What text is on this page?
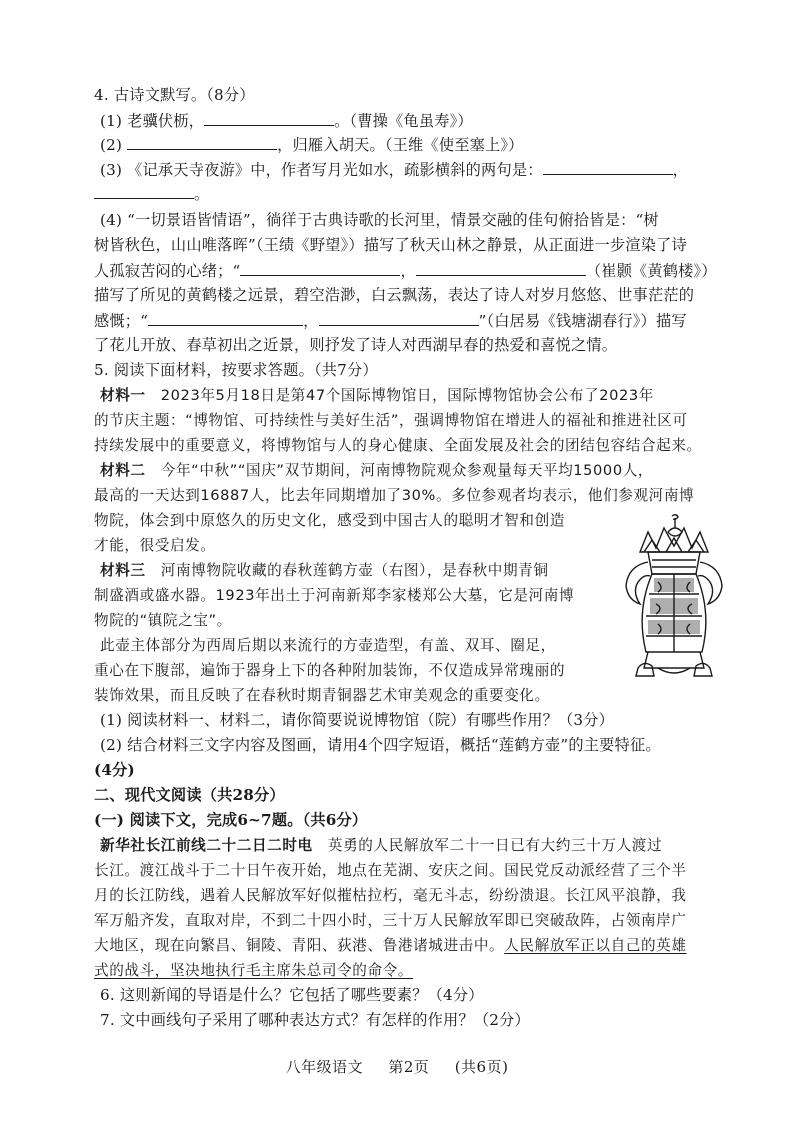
4. 古诗文默写。（8分）
(1) 老骥伏枥，	。（曹操《龟虽寿》）
(2)	，归雁入胡天。（王维《使至塞上》）
(3) 《记承天寺夜游》中，作者写月光如水，疏影横斜的两句是：	，
。
(4) “一切景语皆情语”，徜徉于古典诗歌的长河里，情景交融的佳句俯拾皆是：“树
树皆秋色，山山唯落晖”（王绩《野望》）描写了秋天山林之静景，从正面进一步渲染了诗
人孤寂苦闷的心绪；“	，	（崔颢《黄鹤楼》）
描写了所见的黄鹤楼之远景，碧空浩渺，白云飘荡，表达了诗人对岁月悠悠、世事茫茫的
感慨；“	，	”（白居易《钱塘湖春行》）描写
了花儿开放、春草初出之近景，则抒发了诗人对西湖早春的热爱和喜悦之情。
5. 阅读下面材料，按要求答题。（共7分）
材料一　2023年5月18日是第47个国际博物馆日，国际博物馆协会公布了2023年
的节庆主题：“博物馆、可持续性与美好生活”，强调博物馆在增进人的福祉和推进社区可
持续发展中的重要意义，将博物馆与人的身心健康、全面发展及社会的团结包容结合起来。
材料二　今年“中秋”“国庆”双节期间，河南博物院观众参观量每天平均15000人，
最高的一天达到16887人，比去年同期增加了30%。多位参观者均表示，他们参观河南博
物院，体会到中原悠久的历史文化，感受到中国古人的聪明才智和创造
才能，很受启发。
材料三　河南博物院收藏的春秋莲鹤方壶（右图），是春秋中期青铜
制盛酒或盛水器。1923年出土于河南新郑李家楼郑公大墓，它是河南博
物院的“镇院之宝”。
此壶主体部分为西周后期以来流行的方壶造型，有盖、双耳、圈足，
重心在下腹部，遍饰于器身上下的各种附加装饰，不仅造成异常瑰丽的
装饰效果，而且反映了在春秋时期青铜器艺术审美观念的重要变化。
(1) 阅读材料一、材料二，请你简要说说博物馆（院）有哪些作用？（3分）
(2) 结合材料三文字内容及图画，请用4个四字短语，概括“莲鹤方壶”的主要特征。
(4分)
二、现代文阅读（共28分）
(一) 阅读下文，完成6~7题。（共6分）
新华社长江前线二十二日二时电　英勇的人民解放军二十一日已有大约三十万人渡过
长江。渡江战斗于二十日午夜开始，地点在芜湖、安庆之间。国民党反动派经营了三个半
月的长江防线，遇着人民解放军好似摧枯拉朽，毫无斗志，纷纷溃退。长江风平浪静，我
军万船齐发，直取对岸，不到二十四小时，三十万人民解放军即已突破敌阵，占领南岸广
大地区，现在向繁昌、铜陵、青阳、荻港、鲁港诸城进击中。人民解放军正以自己的英雄
式的战斗，坚决地执行毛主席朱总司令的命令。
6. 这则新闻的导语是什么？它包括了哪些要素？（4分）
7. 文中画线句子采用了哪种表达方式？有怎样的作用？（2分）
八年级语文 第2页 (共6页)
